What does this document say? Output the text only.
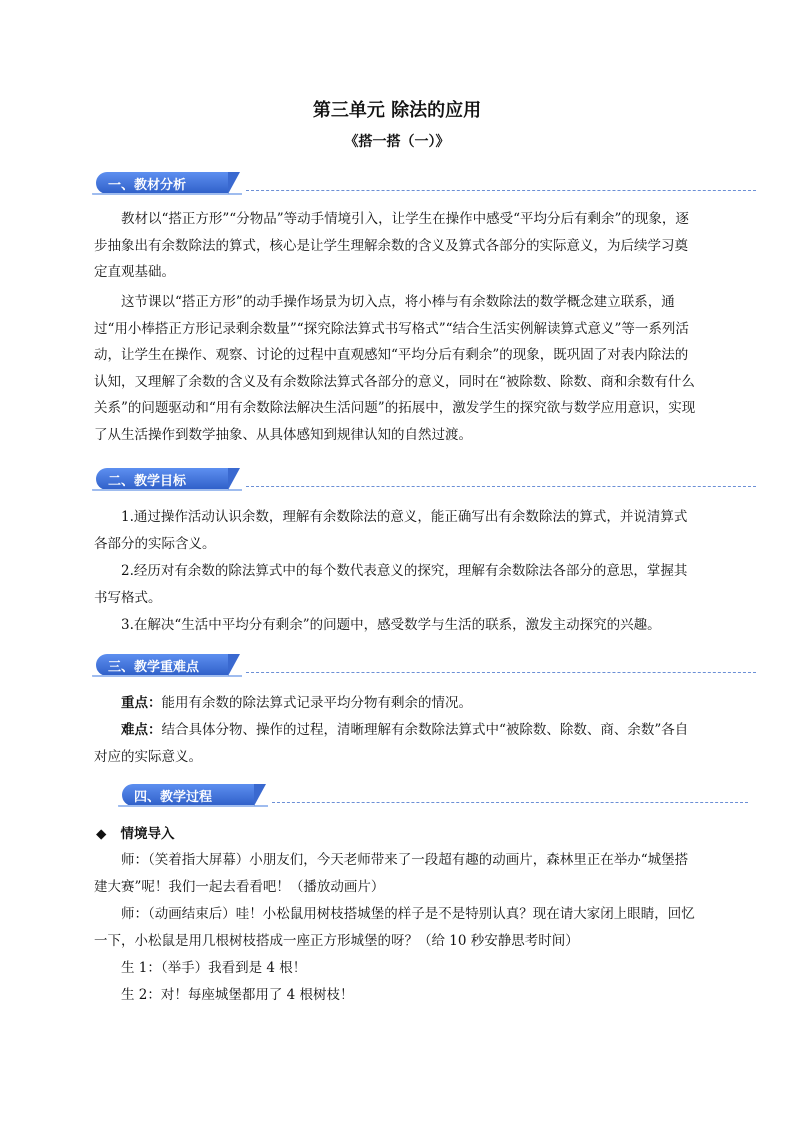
第三单元 除法的应用
《搭一搭（一）》
一、教材分析

教材以“搭正方形”“分物品”等动手情境引入，让学生在操作中感受“平均分后有剩余”的现象，逐步抽象出有余数除法的算式，核心是让学生理解余数的含义及算式各部分的实际意义，为后续学习奠定直观基础。

这节课以“搭正方形”的动手操作场景为切入点，将小棒与有余数除法的数学概念建立联系，通过“用小棒搭正方形记录剩余数量”“探究除法算式书写格式”“结合生活实例解读算式意义”等一系列活动，让学生在操作、观察、讨论的过程中直观感知“平均分后有剩余”的现象，既巩固了对表内除法的认知，又理解了余数的含义及有余数除法算式各部分的意义，同时在“被除数、除数、商和余数有什么关系”的问题驱动和“用有余数除法解决生活问题”的拓展中，激发学生的探究欲与数学应用意识，实现了从生活操作到数学抽象、从具体感知到规律认知的自然过渡。

二、教学目标

1.通过操作活动认识余数，理解有余数除法的意义，能正确写出有余数除法的算式，并说清算式各部分的实际含义。

2.经历对有余数的除法算式中的每个数代表意义的探究，理解有余数除法各部分的意思，掌握其书写格式。

3.在解决“生活中平均分有剩余”的问题中，感受数学与生活的联系，激发主动探究的兴趣。

三、教学重难点

重点：能用有余数的除法算式记录平均分物有剩余的情况。

难点：结合具体分物、操作的过程，清晰理解有余数除法算式中“被除数、除数、商、余数”各自对应的实际意义。

四、教学过程
◆ 情境导入

师：（笑着指大屏幕）小朋友们，今天老师带来了一段超有趣的动画片，森林里正在举办“城堡搭建大赛”呢！我们一起去看看吧！（播放动画片）

师：（动画结束后）哇！小松鼠用树枝搭城堡的样子是不是特别认真？现在请大家闭上眼睛，回忆一下，小松鼠是用几根树枝搭成一座正方形城堡的呀？（给 10 秒安静思考时间）

生 1：（举手）我看到是 4 根！

生 2：对！每座城堡都用了 4 根树枝！
